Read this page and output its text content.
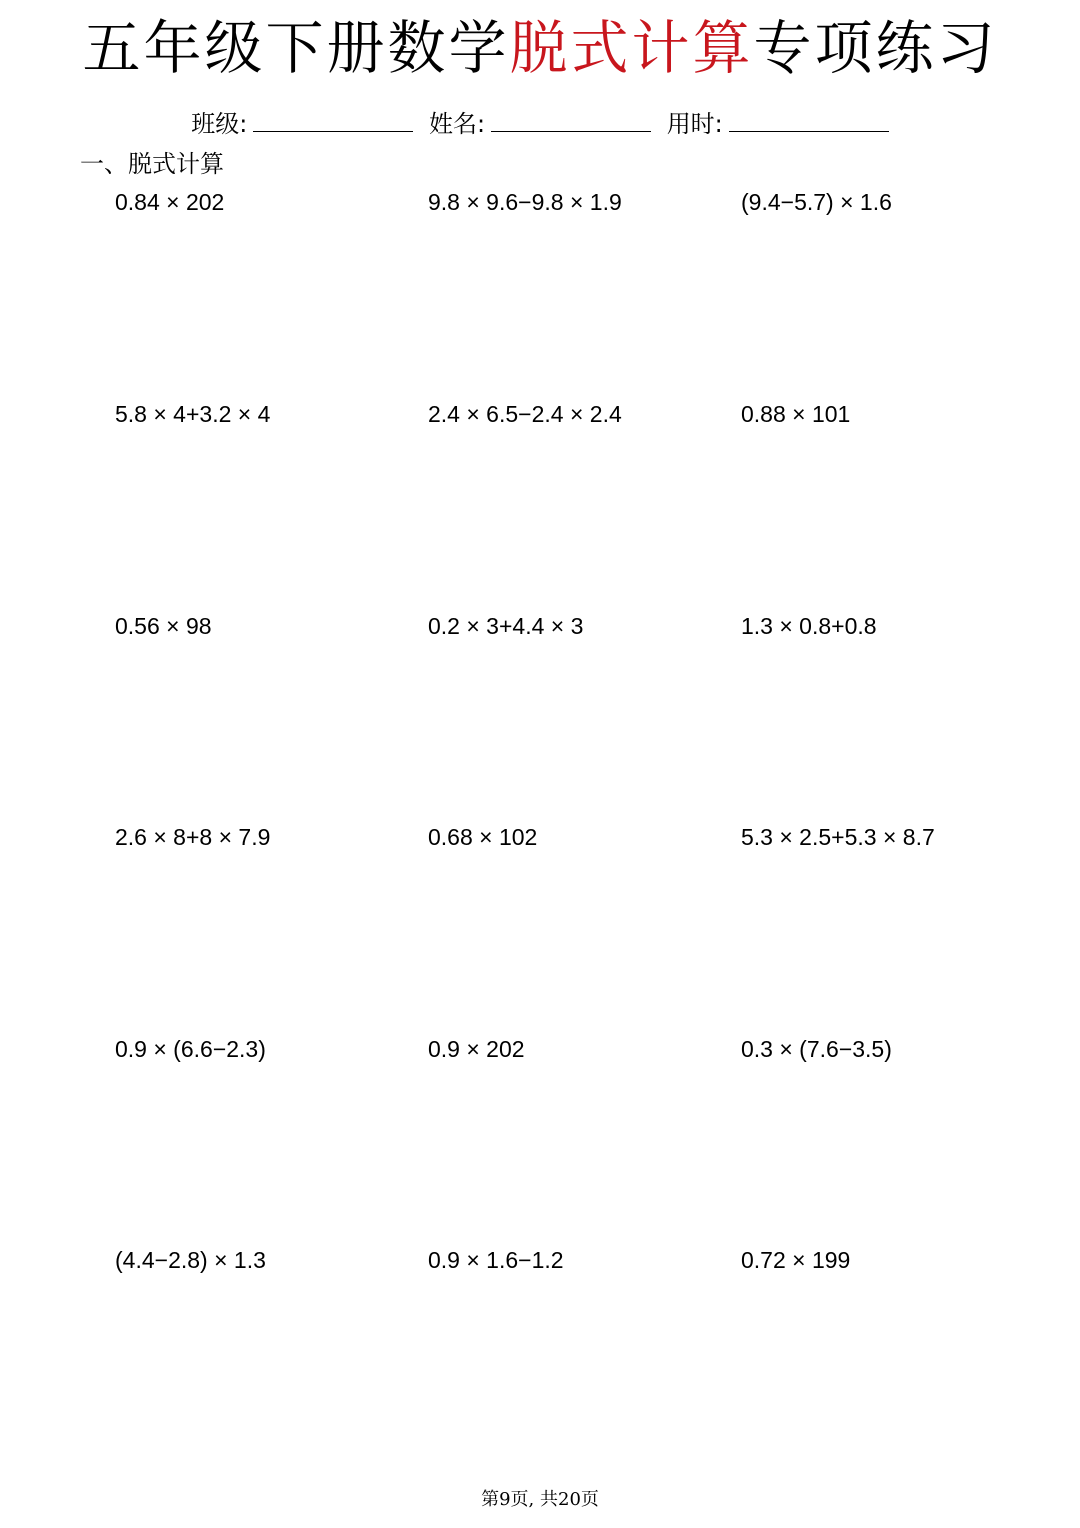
五年级下册数学脱式计算专项练习
班级:	姓名:	用时:
一、脱式计算
0.84 × 202	9.8 × 9.6−9.8 × 1.9	(9.4−5.7) × 1.6
5.8 × 4+3.2 × 4	2.4 × 6.5−2.4 × 2.4	0.88 × 101
0.56 × 98	0.2 × 3+4.4 × 3	1.3 × 0.8+0.8
2.6 × 8+8 × 7.9	0.68 × 102	5.3 × 2.5+5.3 × 8.7
0.9 × (6.6−2.3)	0.9 × 202	0.3 × (7.6−3.5)
(4.4−2.8) × 1.3	0.9 × 1.6−1.2	0.72 × 199
第9页, 共20页
